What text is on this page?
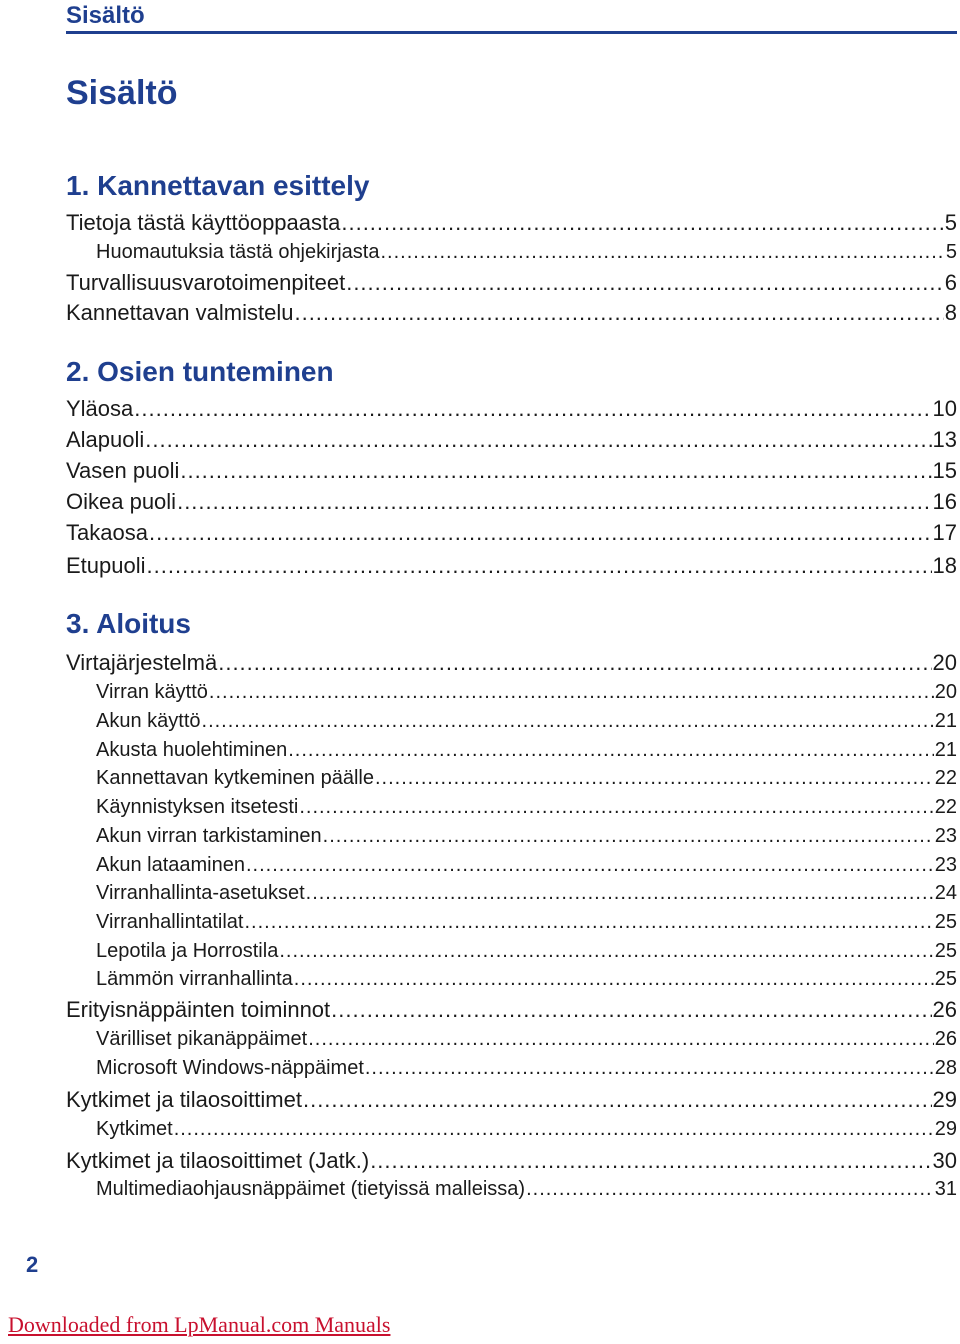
Sisältö
Sisältö
1. Kannettavan esittely
Tietoja tästä käyttöoppaasta .....	5
Huomautuksia tästä ohjekirjasta .....	5
Turvallisuusvarotoimenpiteet .....	6
Kannettavan valmistelu .....	8
2. Osien tunteminen
Yläosa .....	10
Alapuoli .....	13
Vasen puoli .....	15
Oikea puoli .....	16
Takaosa .....	17
Etupuoli .....	18
3. Aloitus
Virtajärjestelmä .....	20
Virran käyttö .....	20
Akun käyttö .....	21
Akusta huolehtiminen .....	21
Kannettavan kytkeminen päälle .....	22
Käynnistyksen itsetesti .....	22
Akun virran tarkistaminen .....	23
Akun lataaminen .....	23
Virranhallinta-asetukset .....	24
Virranhallintatilat .....	25
Lepotila ja Horrostila .....	25
Lämmön virranhallinta .....	25
Erityisnäppäinten toiminnot .....	26
Värilliset pikanäppäimet .....	26
Microsoft Windows-näppäimet .....	28
Kytkimet ja tilaosoittimet .....	29
Kytkimet .....	29
Kytkimet ja tilaosoittimet (Jatk.) .....	30
Multimediaohjausnäppäimet (tietyissä malleissa) .....	31
2
Downloaded from LpManual.com Manuals
